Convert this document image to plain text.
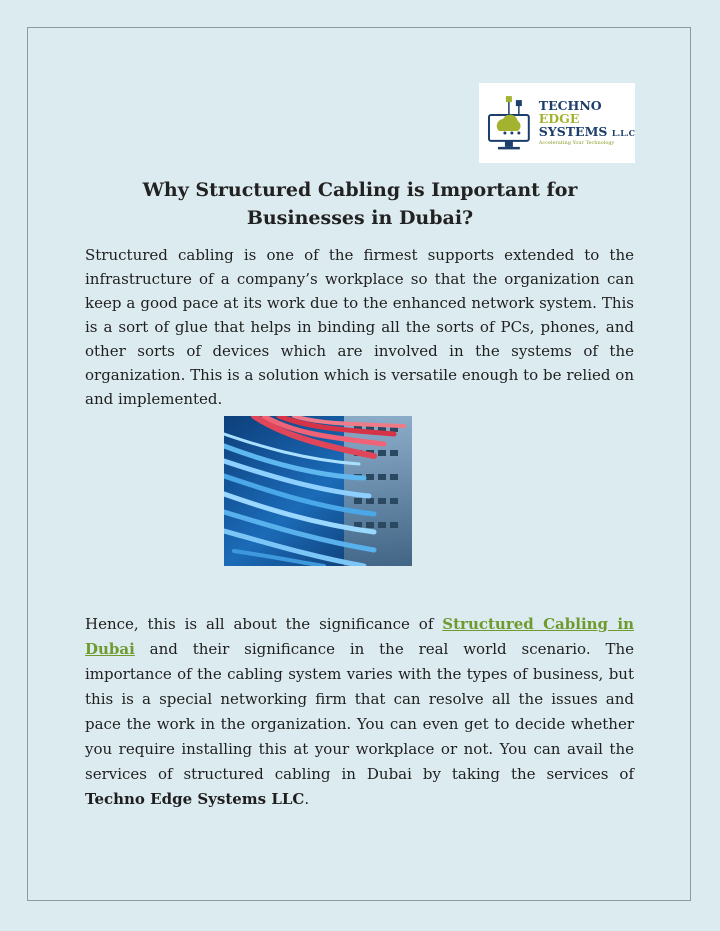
TECHNO
EDGE
SYSTEMS L.L.C
Accelerating Your Technology
Why Structured Cabling is Important for Businesses in Dubai?

Structured cabling is one of the firmest supports extended to the infrastructure of a company’s workplace so that the organization can keep a good pace at its work due to the enhanced network system. This is a sort of glue that helps in binding all the sorts of PCs, phones, and other sorts of devices which are involved in the systems of the organization. This is a solution which is versatile enough to be relied on and implemented.

Hence, this is all about the significance of Structured Cabling in Dubai and their significance in the real world scenario. The importance of the cabling system varies with the types of business, but this is a special networking firm that can resolve all the issues and pace the work in the organization. You can even get to decide whether you require installing this at your workplace or not. You can avail the services of structured cabling in Dubai by taking the services of Techno Edge Systems LLC.
